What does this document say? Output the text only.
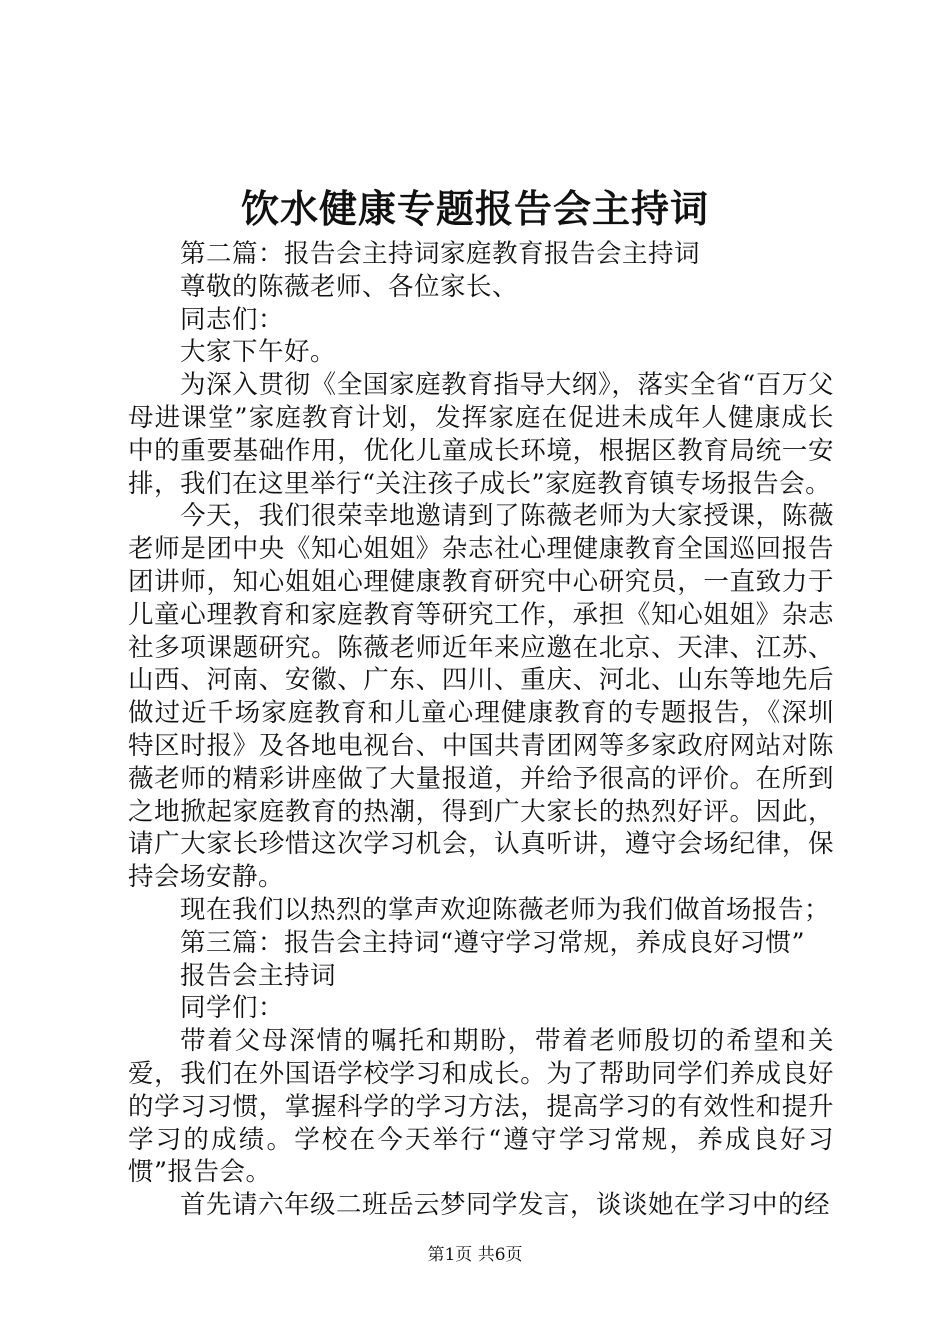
饮水健康专题报告会主持词

第二篇：报告会主持词家庭教育报告会主持词

尊敬的陈薇老师、各位家长、

同志们：

大家下午好。

为深入贯彻《全国家庭教育指导大纲》，落实全省“百万父母进课堂”家庭教育计划，发挥家庭在促进未成年人健康成长中的重要基础作用，优化儿童成长环境，根据区教育局统一安排，我们在这里举行“关注孩子成长”家庭教育镇专场报告会。

今天，我们很荣幸地邀请到了陈薇老师为大家授课，陈薇老师是团中央《知心姐姐》杂志社心理健康教育全国巡回报告团讲师，知心姐姐心理健康教育研究中心研究员，一直致力于儿童心理教育和家庭教育等研究工作，承担《知心姐姐》杂志社多项课题研究。陈薇老师近年来应邀在北京、天津、江苏、山西、河南、安徽、广东、四川、重庆、河北、山东等地先后做过近千场家庭教育和儿童心理健康教育的专题报告，《深圳特区时报》及各地电视台、中国共青团网等多家政府网站对陈薇老师的精彩讲座做了大量报道，并给予很高的评价。在所到之地掀起家庭教育的热潮，得到广大家长的热烈好评。因此，请广大家长珍惜这次学习机会，认真听讲，遵守会场纪律，保持会场安静。

现在我们以热烈的掌声欢迎陈薇老师为我们做首场报告；

第三篇：报告会主持词“遵守学习常规，养成良好习惯”

报告会主持词

同学们：

带着父母深情的嘱托和期盼，带着老师殷切的希望和关爱，我们在外国语学校学习和成长。为了帮助同学们养成良好的学习习惯，掌握科学的学习方法，提高学习的有效性和提升学习的成绩。学校在今天举行“遵守学习常规，养成良好习惯”报告会。

首先请六年级二班岳云梦同学发言，谈谈她在学习中的经

第1页 共6页
